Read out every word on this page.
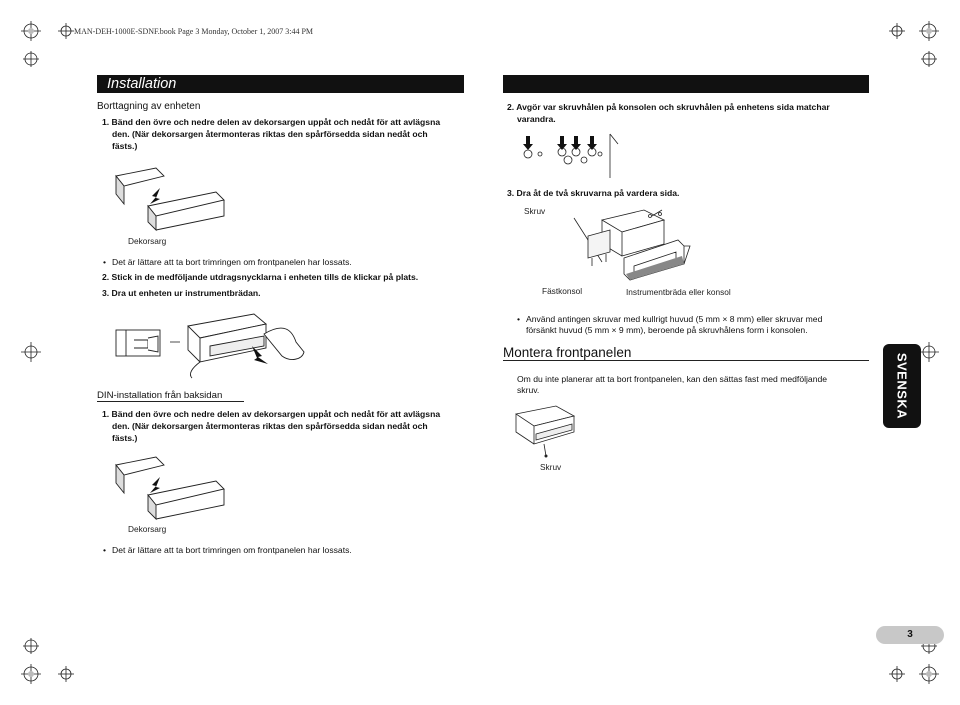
MAN-DEH-1000E-SDNF.book Page 3 Monday, October 1, 2007 3:44 PM
Installation
Borttagning av enheten
1. Bänd den övre och nedre delen av dekorsargen uppåt och nedåt för att avlägsna
den. (När dekorsargen återmonteras riktas den spårförsedda sidan nedåt och
fästs.)
Dekorsarg
• Det är lättare att ta bort trimringen om frontpanelen har lossats.
2. Stick in de medföljande utdragsnycklarna i enheten tills de klickar på plats.
3. Dra ut enheten ur instrumentbrädan.
DIN-installation från baksidan
1. Bänd den övre och nedre delen av dekorsargen uppåt och nedåt för att avlägsna
den. (När dekorsargen återmonteras riktas den spårförsedda sidan nedåt och
fästs.)
Dekorsarg
• Det är lättare att ta bort trimringen om frontpanelen har lossats.
2. Avgör var skruvhålen på konsolen och skruvhålen på enhetens sida matchar
varandra.
3. Dra åt de två skruvarna på vardera sida.
Skruv
Fästkonsol	Instrumentbräda eller konsol
• Använd antingen skruvar med kullrigt huvud (5 mm × 8 mm) eller skruvar med
försänkt huvud (5 mm × 9 mm), beroende på skruvhålens form i konsolen.
Montera frontpanelen
Om du inte planerar att ta bort frontpanelen, kan den sättas fast med medföljande
skruv.
Skruv
SVENSKA
3
